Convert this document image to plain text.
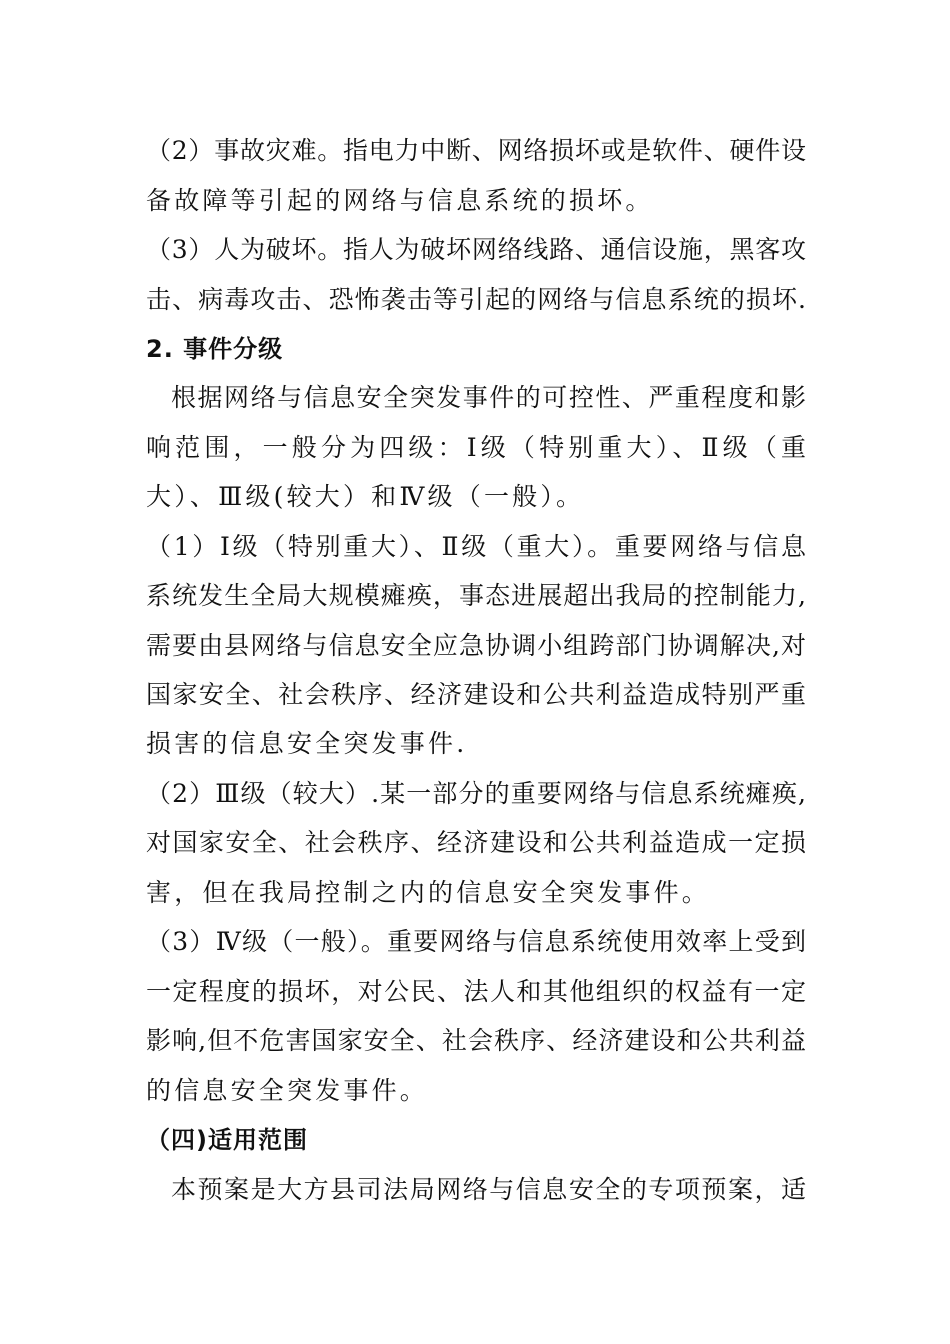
（2）事故灾难。指电力中断、网络损坏或是软件、硬件设
备故障等引起的网络与信息系统的损坏。
（3）人为破坏。指人为破坏网络线路、通信设施，黑客攻
击、病毒攻击、恐怖袭击等引起的网络与信息系统的损坏.
2. 事件分级
根据网络与信息安全突发事件的可控性、严重程度和影
响范围，一般分为四级：Ⅰ级（特别重大）、Ⅱ级（重
大）、Ⅲ级(较大）和Ⅳ级（一般）。
（1）Ⅰ级（特别重大）、Ⅱ级（重大）。重要网络与信息
系统发生全局大规模瘫痪，事态进展超出我局的控制能力,
需要由县网络与信息安全应急协调小组跨部门协调解决,对
国家安全、社会秩序、经济建设和公共利益造成特别严重
损害的信息安全突发事件.
（2）Ⅲ级（较大）.某一部分的重要网络与信息系统瘫痪,
对国家安全、社会秩序、经济建设和公共利益造成一定损
害，但在我局控制之内的信息安全突发事件。
（3）Ⅳ级（一般）。重要网络与信息系统使用效率上受到
一定程度的损坏，对公民、法人和其他组织的权益有一定
影响,但不危害国家安全、社会秩序、经济建设和公共利益
的信息安全突发事件。
（四)适用范围
本预案是大方县司法局网络与信息安全的专项预案，适
